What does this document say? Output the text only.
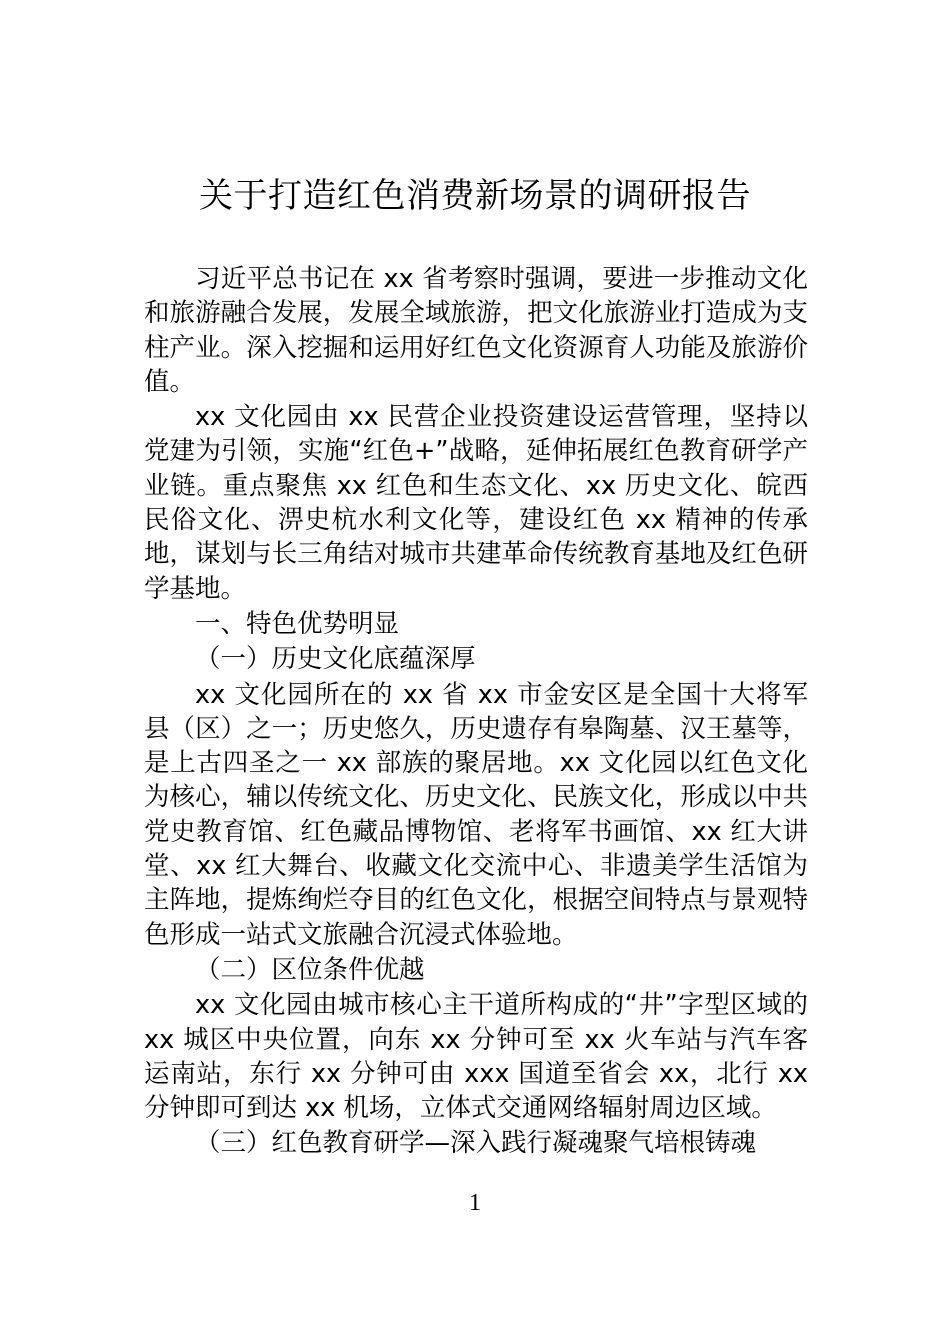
关于打造红色消费新场景的调研报告

习近平总书记在 xx 省考察时强调，要进一步推动文化和旅游融合发展，发展全域旅游，把文化旅游业打造成为支柱产业。深入挖掘和运用好红色文化资源育人功能及旅游价值。

xx 文化园由 xx 民营企业投资建设运营管理，坚持以党建为引领，实施“红色+”战略，延伸拓展红色教育研学产业链。重点聚焦 xx 红色和生态文化、xx 历史文化、皖西民俗文化、淠史杭水利文化等，建设红色 xx 精神的传承地，谋划与长三角结对城市共建革命传统教育基地及红色研学基地。

一、特色优势明显

（一）历史文化底蕴深厚

xx 文化园所在的 xx 省 xx 市金安区是全国十大将军县（区）之一；历史悠久，历史遗存有皋陶墓、汉王墓等，是上古四圣之一 xx 部族的聚居地。xx 文化园以红色文化为核心，辅以传统文化、历史文化、民族文化，形成以中共党史教育馆、红色藏品博物馆、老将军书画馆、xx 红大讲堂、xx 红大舞台、收藏文化交流中心、非遗美学生活馆为主阵地，提炼绚烂夺目的红色文化，根据空间特点与景观特色形成一站式文旅融合沉浸式体验地。

（二）区位条件优越

xx 文化园由城市核心主干道所构成的“井”字型区域的 xx 城区中央位置，向东 xx 分钟可至 xx 火车站与汽车客运南站，东行 xx 分钟可由 xxx 国道至省会 xx，北行 xx 分钟即可到达 xx 机场，立体式交通网络辐射周边区域。

（三）红色教育研学—深入践行凝魂聚气培根铸魂

1
